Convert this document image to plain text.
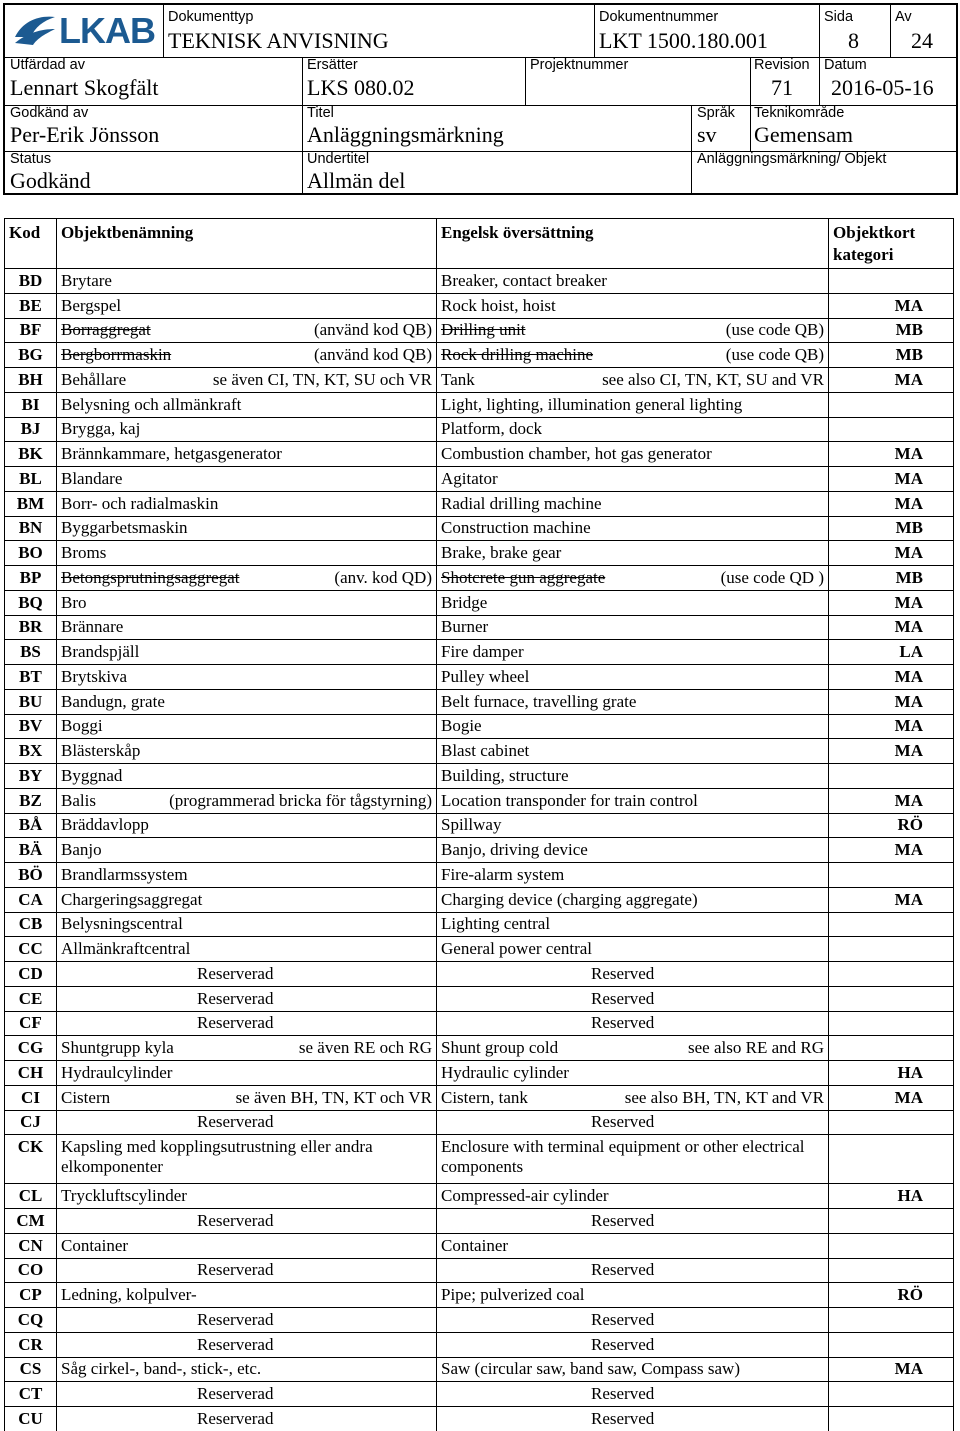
LKAB Dokumenttyp
TEKNISK ANVISNING
Dokumentnummer
LKT 1500.180.001
Sida
8
Av
24
Utfärdad av
Lennart Skogfält
Ersätter
LKS 080.02
Projektnummer	Revision
71
Datum
2016-05-16
Godkänd av
Per-Erik Jönsson
Titel
Anläggningsmärkning
Språk
sv
Teknikområde
Gemensam
Status
Godkänd
Undertitel
Allmän del
Anläggningsmärkning/ Objekt
Kod	Objektbenämning	Engelsk översättning	Objektkort kategori
BD	Brytare	Breaker, contact breaker	

BE	Bergspel	Rock hoist, hoist	MA
BF	Borraggregat (använd kod QB)	Drilling unit (use code QB)	MB
BG	Bergborrmaskin (använd kod QB)	Rock drilling machine (use code QB)	MB
BH	Behållare se även CI, TN, KT, SU och VR	Tank see also CI, TN, KT, SU and VR	MA
BI	Belysning och allmänkraft	Light, lighting, illumination general lighting	

BJ	Brygga, kaj	Platform, dock	

BK	Brännkammare, hetgasgenerator	Combustion chamber, hot gas generator	MA
BL	Blandare	Agitator	MA
BM	Borr- och radialmaskin	Radial drilling machine	MA
BN	Byggarbetsmaskin	Construction machine	MB
BO	Broms	Brake, brake gear	MA
BP	Betongsprutningsaggregat (anv. kod QD)	Shotcrete gun aggregate (use code QD )	MB
BQ	Bro	Bridge	MA
BR	Brännare	Burner	MA
BS	Brandspjäll	Fire damper	LA
BT	Brytskiva	Pulley wheel	MA
BU	Bandugn, grate	Belt furnace, travelling grate	MA
BV	Boggi	Bogie	MA
BX	Blästerskåp	Blast cabinet	MA
BY	Byggnad	Building, structure	

BZ	Balis (programmerad bricka för tågstyrning)	Location transponder for train control	MA
BÅ	Bräddavlopp	Spillway	RÖ
BÄ	Banjo	Banjo, driving device	MA
BÖ	Brandlarmssystem	Fire-alarm system	

CA	Chargeringsaggregat	Charging device (charging aggregate)	MA
CB	Belysningscentral	Lighting central	

CC	Allmänkraftcentral	General power central	

CD	Reserverad	Reserved	
CE	Reserverad	Reserved	
CF	Reserverad	Reserved	
CG	Shuntgrupp kyla se även RE och RG	Shunt group cold see also RE and RG	

CH	Hydraulcylinder	Hydraulic cylinder	HA
CI	Cistern se även BH, TN, KT och VR	Cistern, tank see also BH, TN, KT and VR	MA
CJ	Reserverad	Reserved	
CK	Kapsling med kopplingsutrustning eller andra elkomponenter	Enclosure with terminal equipment or other electrical components	

CL	Tryckluftscylinder	Compressed-air cylinder	HA
CM	Reserverad	Reserved	
CN	Container	Container	

CO	Reserverad	Reserved	
CP	Ledning, kolpulver-	Pipe; pulverized coal	RÖ
CQ	Reserverad	Reserved	
CR	Reserverad	Reserved	
CS	Såg cirkel-, band-, stick-, etc.	Saw (circular saw, band saw, Compass saw)	MA
CT	Reserverad	Reserved	
CU	Reserverad	Reserved	
